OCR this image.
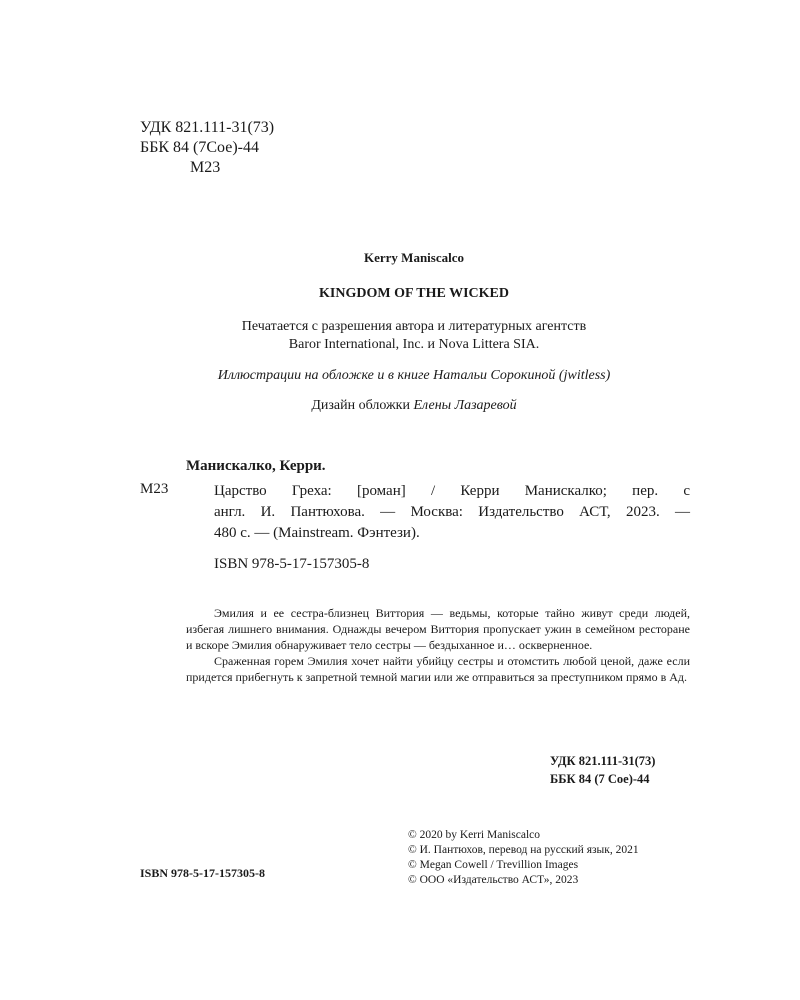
УДК 821.111-31(73)
ББК 84 (7Сое)-44
М23
Kerry Maniscalco
KINGDOM OF THE WICKED
Печатается с разрешения автора и литературных агентств
Baror International, Inc. и Nova Littera SIA.
Иллюстрации на обложке и в книге Натальи Сорокиной (jwitless)
Дизайн обложки Елены Лазаревой
Манискалко, Керри.
М23	Царство Греха: [роман] / Керри Манискалко; пер. с
англ. И. Пантюхова. — Москва: Издательство АСТ, 2023. —
480 с. — (Mainstream. Фэнтези).
ISBN 978-5-17-157305-8

Эмилия и ее сестра-близнец Виттория — ведьмы, которые тайно живут среди людей, избегая лишнего внимания. Однажды вечером Виттория пропускает ужин в семейном ресторане и вскоре Эмилия обнаруживает тело сестры — бездыханное и… оскверненное.

Сраженная горем Эмилия хочет найти убийцу сестры и отомстить любой ценой, даже если придется прибегнуть к запретной темной магии или же отправиться за преступником прямо в Ад.

УДК 821.111-31(73)
ББК 84 (7 Сое)-44
ISBN 978-5-17-157305-8
© 2020 by Kerri Maniscalco
© И. Пантюхов, перевод на русский язык, 2021
© Megan Cowell / Trevillion Images
© ООО «Издательство АСТ», 2023
